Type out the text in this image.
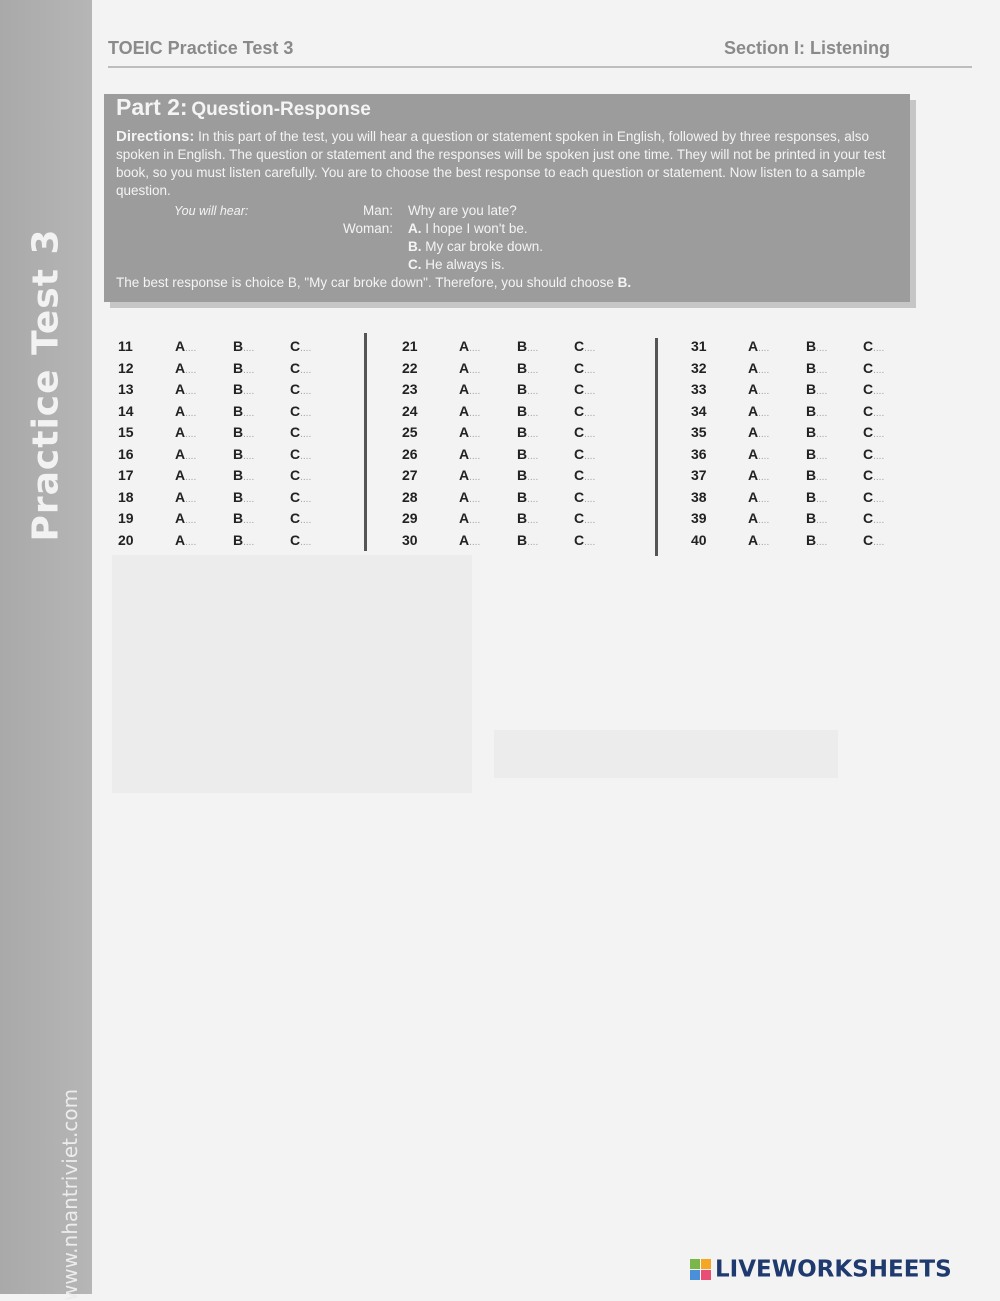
Practice Test 3
www.nhantriviet.com
TOEIC Practice Test 3	Section I: Listening
Part 2: Question-Response
Directions: In this part of the test, you will hear a question or statement spoken in English, followed by three responses, also spoken in English. The question or statement and the responses will be spoken just one time. They will not be printed in your test book, so you must listen carefully. You are to choose the best response to each question or statement. Now listen to a sample question.
You will hear:	Man: Why are you late?
Woman: A. I hope I won't be.
B. My car broke down.
C. He always is.
The best response is choice B, "My car broke down". Therefore, you should choose B.
11	A....	B....	C....
12	A....	B....	C....
13	A....	B....	C....
14	A....	B....	C....
15	A....	B....	C....
16	A....	B....	C....
17	A....	B....	C....
18	A....	B....	C....
19	A....	B....	C....
20	A....	B....	C....
21	A....	B....	C....
22	A....	B....	C....
23	A....	B....	C....
24	A....	B....	C....
25	A....	B....	C....
26	A....	B....	C....
27	A....	B....	C....
28	A....	B....	C....
29	A....	B....	C....
30	A....	B....	C....
31	A....	B....	C....
32	A....	B....	C....
33	A....	B....	C....
34	A....	B....	C....
35	A....	B....	C....
36	A....	B....	C....
37	A....	B....	C....
38	A....	B....	C....
39	A....	B....	C....
40	A....	B....	C....
LIVEWORKSHEETS
